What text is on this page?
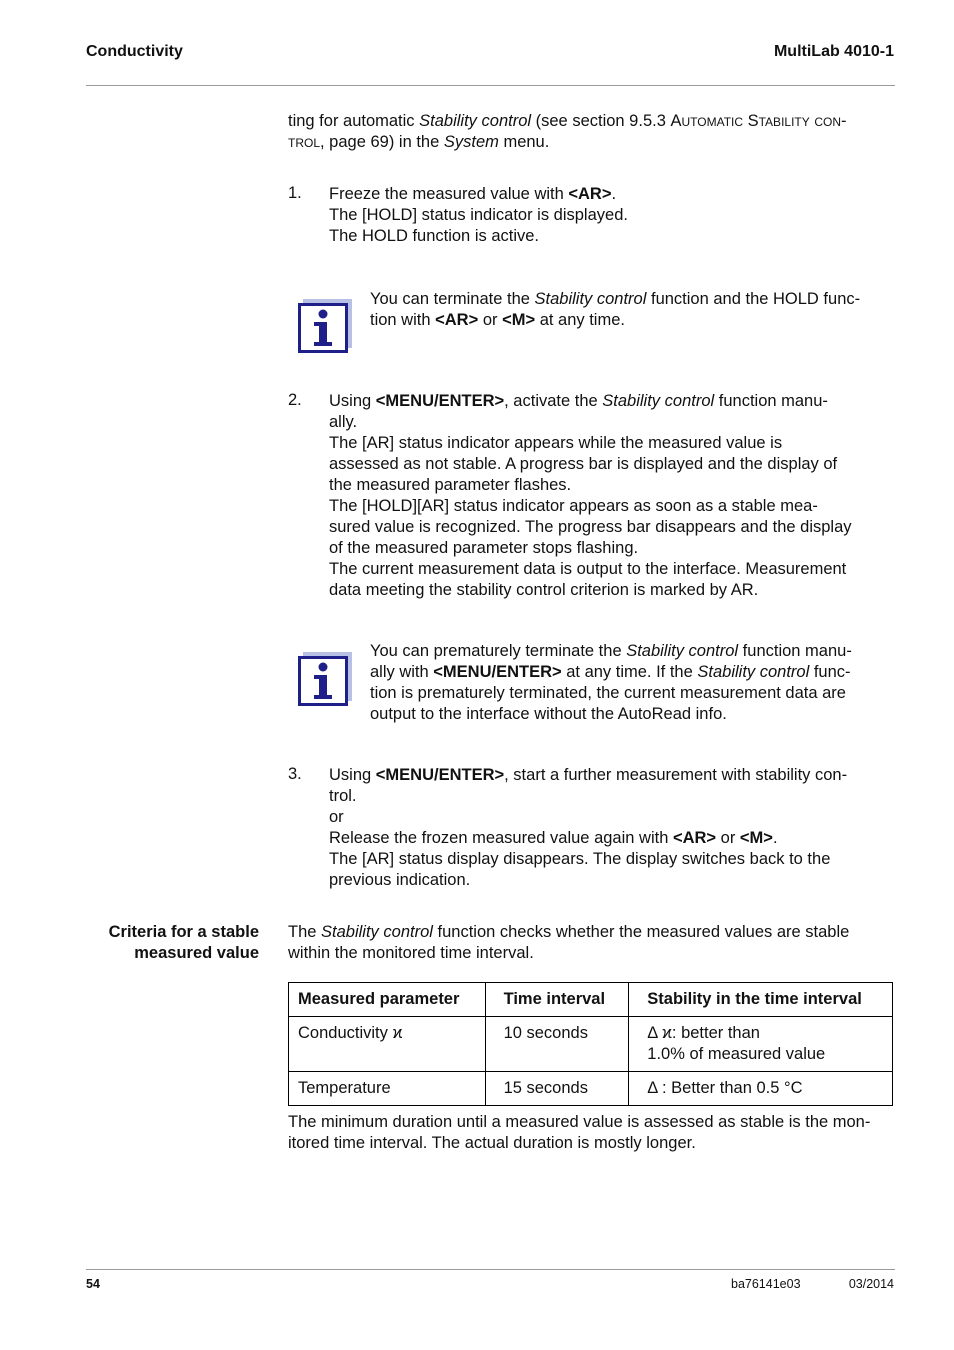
Conductivity	MultiLab 4010-1
ting for automatic Stability control (see section 9.5.3 Automatic Stability con-
trol, page 69) in the System menu.
1. Freeze the measured value with <AR>.
The [HOLD] status indicator is displayed.
The HOLD function is active.
You can terminate the Stability control function and the HOLD func-
tion with <AR> or <M> at any time.
2. Using <MENU/ENTER>, activate the Stability control function manu-
ally.
The [AR] status indicator appears while the measured value is
assessed as not stable. A progress bar is displayed and the display of
the measured parameter flashes.
The [HOLD][AR] status indicator appears as soon as a stable mea-
sured value is recognized. The progress bar disappears and the display
of the measured parameter stops flashing.
The current measurement data is output to the interface. Measurement
data meeting the stability control criterion is marked by AR.
You can prematurely terminate the Stability control function manu-
ally with <MENU/ENTER> at any time. If the Stability control func-
tion is prematurely terminated, the current measurement data are
output to the interface without the AutoRead info.
3. Using <MENU/ENTER>, start a further measurement with stability con-
trol.
or
Release the frozen measured value again with <AR> or <M>.
The [AR] status display disappears. The display switches back to the
previous indication.
Criteria for a stable
measured value
The Stability control function checks whether the measured values are stable
within the monitored time interval.
Measured parameter	Time interval	Stability in the time interval
Conductivity ϰ	10 seconds	Δ ϰ: better than
1.0% of measured value

Temperature	15 seconds	Δ : Better than 0.5 °C
The minimum duration until a measured value is assessed as stable is the mon-
itored time interval. The actual duration is mostly longer.
54	ba76141e03	03/2014
